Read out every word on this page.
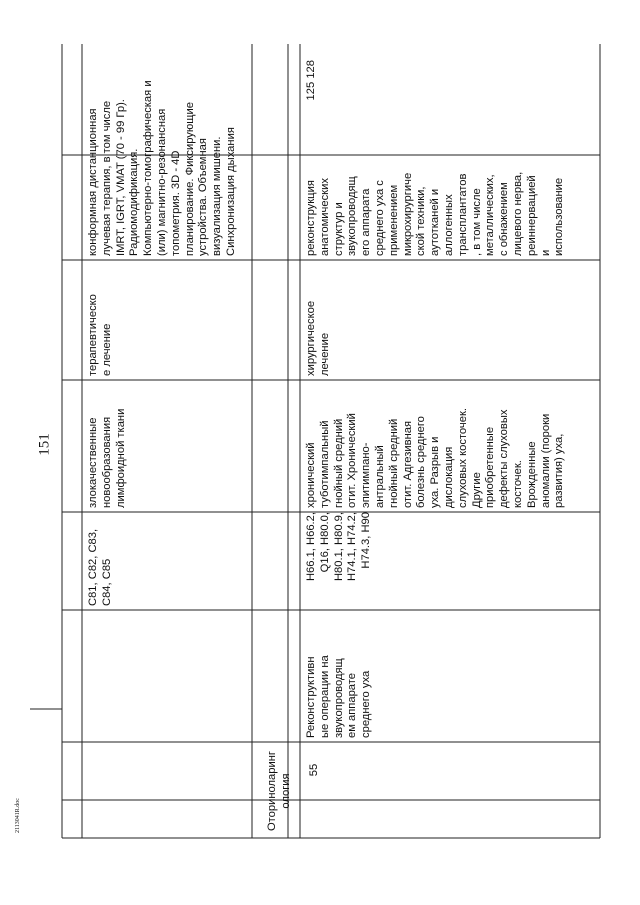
151
2113041R.doc
C81, C82, C83,
C84, C85
злокачественные
новообразования
лимфоидной ткани
терапевтическо
е лечение
конформная дистанционная
лучевая терапия, в том числе
IMRT, IGRT, VMAT (70 - 99 Гр).
Радиомодификация.
Компьютерно-томографическая и
(или) магнитно-резонансная
топометрия. 3D - 4D
планирование. Фиксирующие
устройства. Объемная
визуализация мишени.
Синхронизация дыхания
Оториноларинг
ология
55
Реконструктивн
ые операции на
звукопроводящ
ем аппарате
среднего уха
H66.1, H66.2,
Q16, H80.0,
H80.1, H80.9,
H74.1, H74.2,
H74.3, H90
хронический
туботимпальный
гнойный средний
отит. Хронический
эпитимпано-
антральный
гнойный средний
отит. Адгезивная
болезнь среднего
уха. Разрыв и
дислокация
слуховых косточек.
Другие
приобретенные
дефекты слуховых
косточек.
Врожденные
аномалии (пороки
развития) уха,
хирургическое
лечение
реконструкция
анатомических
структур и
звукопроводящ
его аппарата
среднего уха с
применением
микрохирургиче
ской техники,
аутотканей и
аллогенных
трансплантатов
, в том числе
металлических,
с обнажением
лицевого нерва,
реиннервацией
и
использование
125 128
